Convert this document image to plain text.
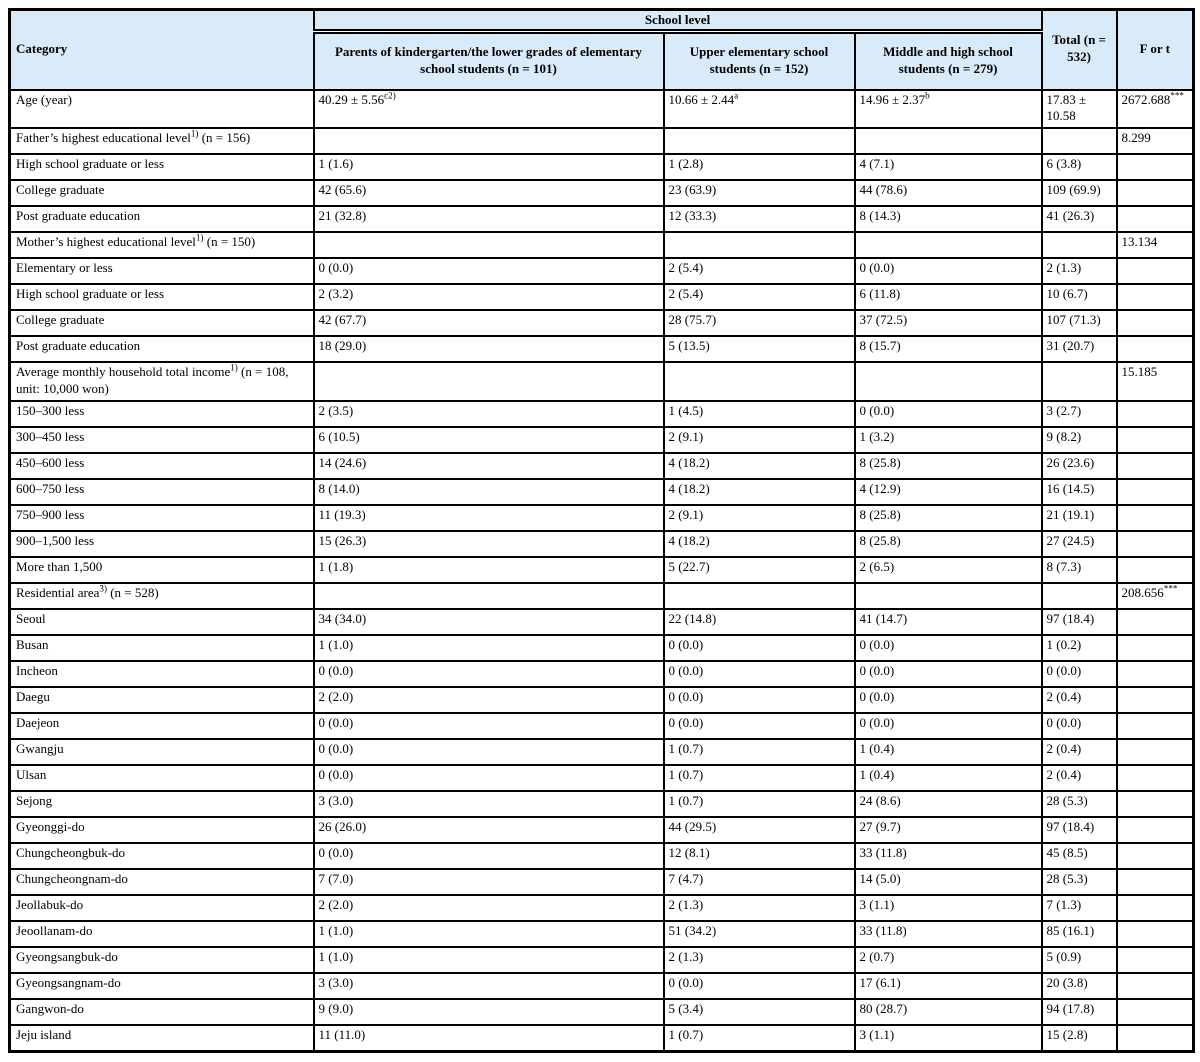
Category	School level			Total (n = 532)	F or t
	Parents of kindergarten/the lower grades of elementary school students (n = 101)	Upper elementary school students (n = 152)	Middle and high school students (n = 279)		
Age (year)	$40.29 \pm 5.56^{c2)}$	10.66 ± 2.44$^a$	14.96 ± 2.37$^b$	17.83 ± 10.58	2672.688***
Father’s highest educational level$^{1)}$ (n = 156)					8.299
High school graduate or less	1 (1.6)	1 (2.8)	4 (7.1)	6 (3.8)	
College graduate	42 (65.6)	23 (63.9)	44 (78.6)	109 (69.9)	
Post graduate education	21 (32.8)	12 (33.3)	8 (14.3)	41 (26.3)	
Mother’s highest educational level$^{1)}$ (n = 150)					13.134
Elementary or less	0 (0.0)	2 (5.4)	0 (0.0)	2 (1.3)	
High school graduate or less	2 (3.2)	2 (5.4)	6 (11.8)	10 (6.7)	
College graduate	42 (67.7)	28 (75.7)	37 (72.5)	107 (71.3)	
Post graduate education	18 (29.0)	5 (13.5)	8 (15.7)	31 (20.7)	
Average monthly household total income$^{1)}$ (n = 108, unit: 10,000 won)					15.185
150–300 less	2 (3.5)	1 (4.5)	0 (0.0)	3 (2.7)	
300–450 less	6 (10.5)	2 (9.1)	1 (3.2)	9 (8.2)	
450–600 less	14 (24.6)	4 (18.2)	8 (25.8)	26 (23.6)	
600–750 less	8 (14.0)	4 (18.2)	4 (12.9)	16 (14.5)	
750–900 less	11 (19.3)	2 (9.1)	8 (25.8)	21 (19.1)	
900–1,500 less	15 (26.3)	4 (18.2)	8 (25.8)	27 (24.5)	
More than 1,500	1 (1.8)	5 (22.7)	2 (6.5)	8 (7.3)	
Residential area$^{3)}$ (n = 528)					208.656***
Seoul	34 (34.0)	22 (14.8)	41 (14.7)	97 (18.4)	
Busan	1 (1.0)	0 (0.0)	0 (0.0)	1 (0.2)	
Incheon	0 (0.0)	0 (0.0)	0 (0.0)	0 (0.0)	
Daegu	2 (2.0)	0 (0.0)	0 (0.0)	2 (0.4)	
Daejeon	0 (0.0)	0 (0.0)	0 (0.0)	0 (0.0)	
Gwangju	0 (0.0)	1 (0.7)	1 (0.4)	2 (0.4)	
Ulsan	0 (0.0)	1 (0.7)	1 (0.4)	2 (0.4)	
Sejong	3 (3.0)	1 (0.7)	24 (8.6)	28 (5.3)	
Gyeonggi-do	26 (26.0)	44 (29.5)	27 (9.7)	97 (18.4)	
Chungcheongbuk-do	0 (0.0)	12 (8.1)	33 (11.8)	45 (8.5)	
Chungcheongnam-do	7 (7.0)	7 (4.7)	14 (5.0)	28 (5.3)	
Jeollabuk-do	2 (2.0)	2 (1.3)	3 (1.1)	7 (1.3)	
Jeoollanam-do	1 (1.0)	51 (34.2)	33 (11.8)	85 (16.1)	
Gyeongsangbuk-do	1 (1.0)	2 (1.3)	2 (0.7)	5 (0.9)	
Gyeongsangnam-do	3 (3.0)	0 (0.0)	17 (6.1)	20 (3.8)	
Gangwon-do	9 (9.0)	5 (3.4)	80 (28.7)	94 (17.8)	
Jeju island	11 (11.0)	1 (0.7)	3 (1.1)	15 (2.8)	
